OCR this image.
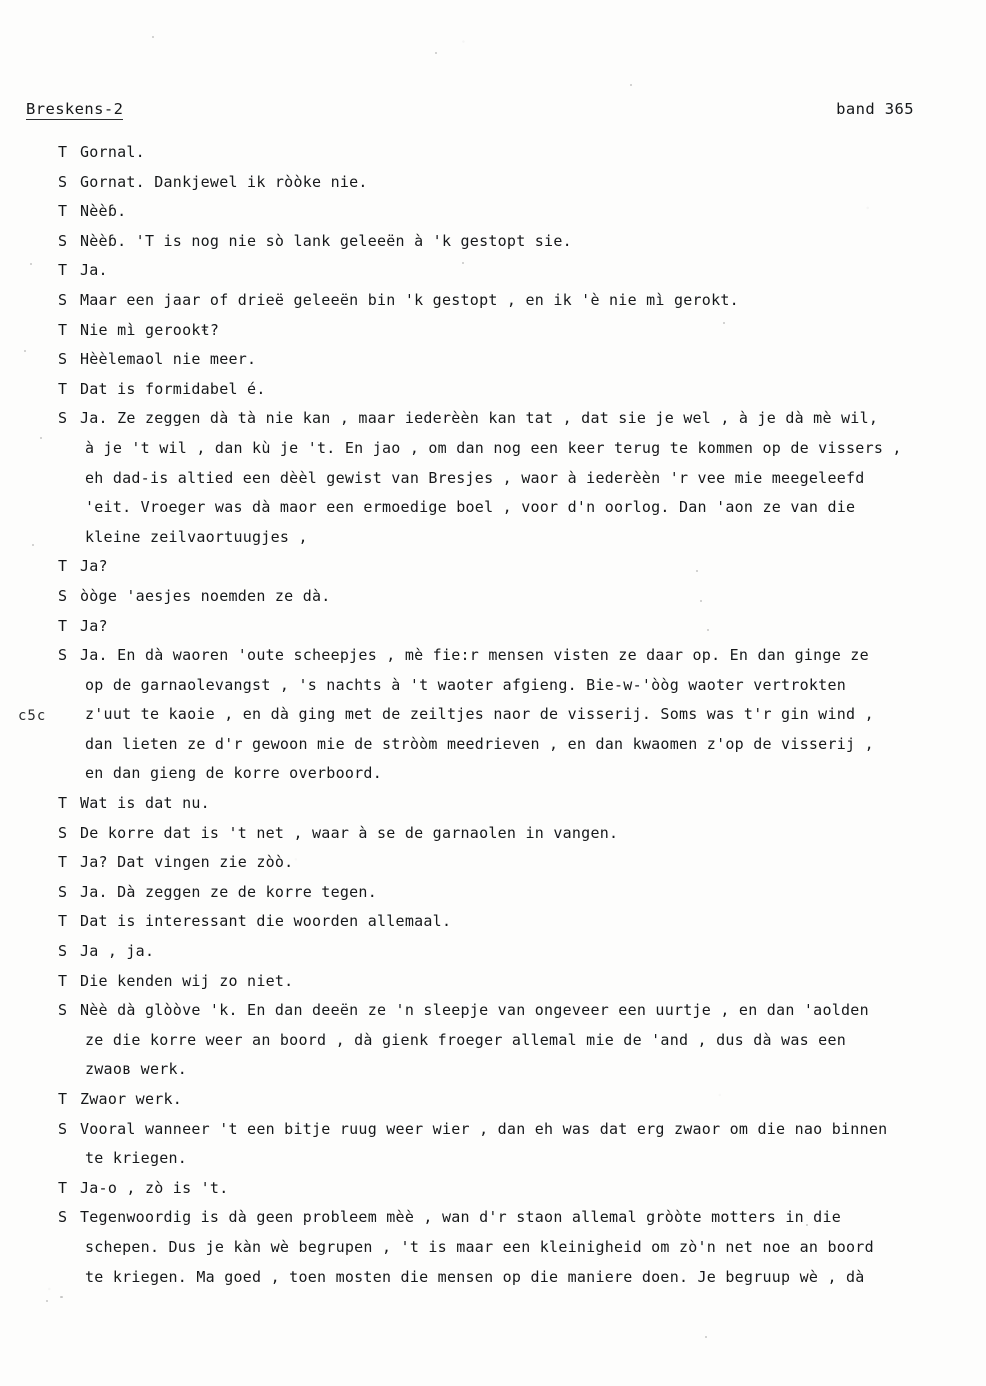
Breskens-2	band 365
c5c
T Gornal.
S Gornat. Dankjewel ik ròòke nie.
T Nèèɓ.
S Nèèɓ. 'T is nog nie sò lank geleeën à 'k gestopt sie.
T Ja.
S Maar een jaar of drieë geleeën bin 'k gestopt , en ik 'è nie mì gerokt.
T Nie mì gerookŧ?
S Hèèlemaol nie meer.
T Dat is formidabel é.
S Ja. Ze zeggen dà tà nie kan , maar iederèèn kan tat , dat sie je wel , à je dà mè wil,
à je 't wil , dan kù je 't. En jao , om dan nog een keer terug te kommen op de vissers ,
eh dad-is altied een dèèl gewist van Bresjes , waor à iederèèn 'r vee mie meegeleefd
'eit. Vroeger was dà maor een ermoedige boel , voor d'n oorlog. Dan 'aon ze van die
kleine zeilvaortuugjes ,
T Ja?
S òòge 'aesjes noemden ze dà.
T Ja?
S Ja. En dà waoren 'oute scheepjes , mè fie:r mensen visten ze daar op. En dan ginge ze
op de garnaolevangst , 's nachts à 't waoter afgieng. Bie-w-'òòg waoter vertrokten
z'uut te kaoie , en dà ging met de zeiltjes naor de visserij. Soms was t'r gin wind ,
dan lieten ze d'r gewoon mie de stròòm meedrieven , en dan kwaomen z'op de visserij ,
en dan gieng de korre overboord.
T Wat is dat nu.
S De korre dat is 't net , waar à se de garnaolen in vangen.
T Ja? Dat vingen zie zòò.
S Ja. Dà zeggen ze de korre tegen.
T Dat is interessant die woorden allemaal.
S Ja , ja.
T Die kenden wij zo niet.
S Nèè dà glòòve 'k. En dan deeën ze 'n sleepje van ongeveer een uurtje , en dan 'aolden
ze die korre weer an boord , dà gienk froeger allemal mie de 'and , dus dà was een
zwaoв werk.
T Zwaor werk.
S Vooral wanneer 't een bitje ruug weer wier , dan eh was dat erg zwaor om die nao binnen
te kriegen.
T Ja-o , zò is 't.
S Tegenwoordig is dà geen probleem mèè , wan d'r staon allemal gròòte motters in die
schepen. Dus je kàn wè begrupen , 't is maar een kleinigheid om zò'n net noe an boord
te kriegen. Ma goed , toen mosten die mensen op die maniere doen. Je begruup wè , dà
